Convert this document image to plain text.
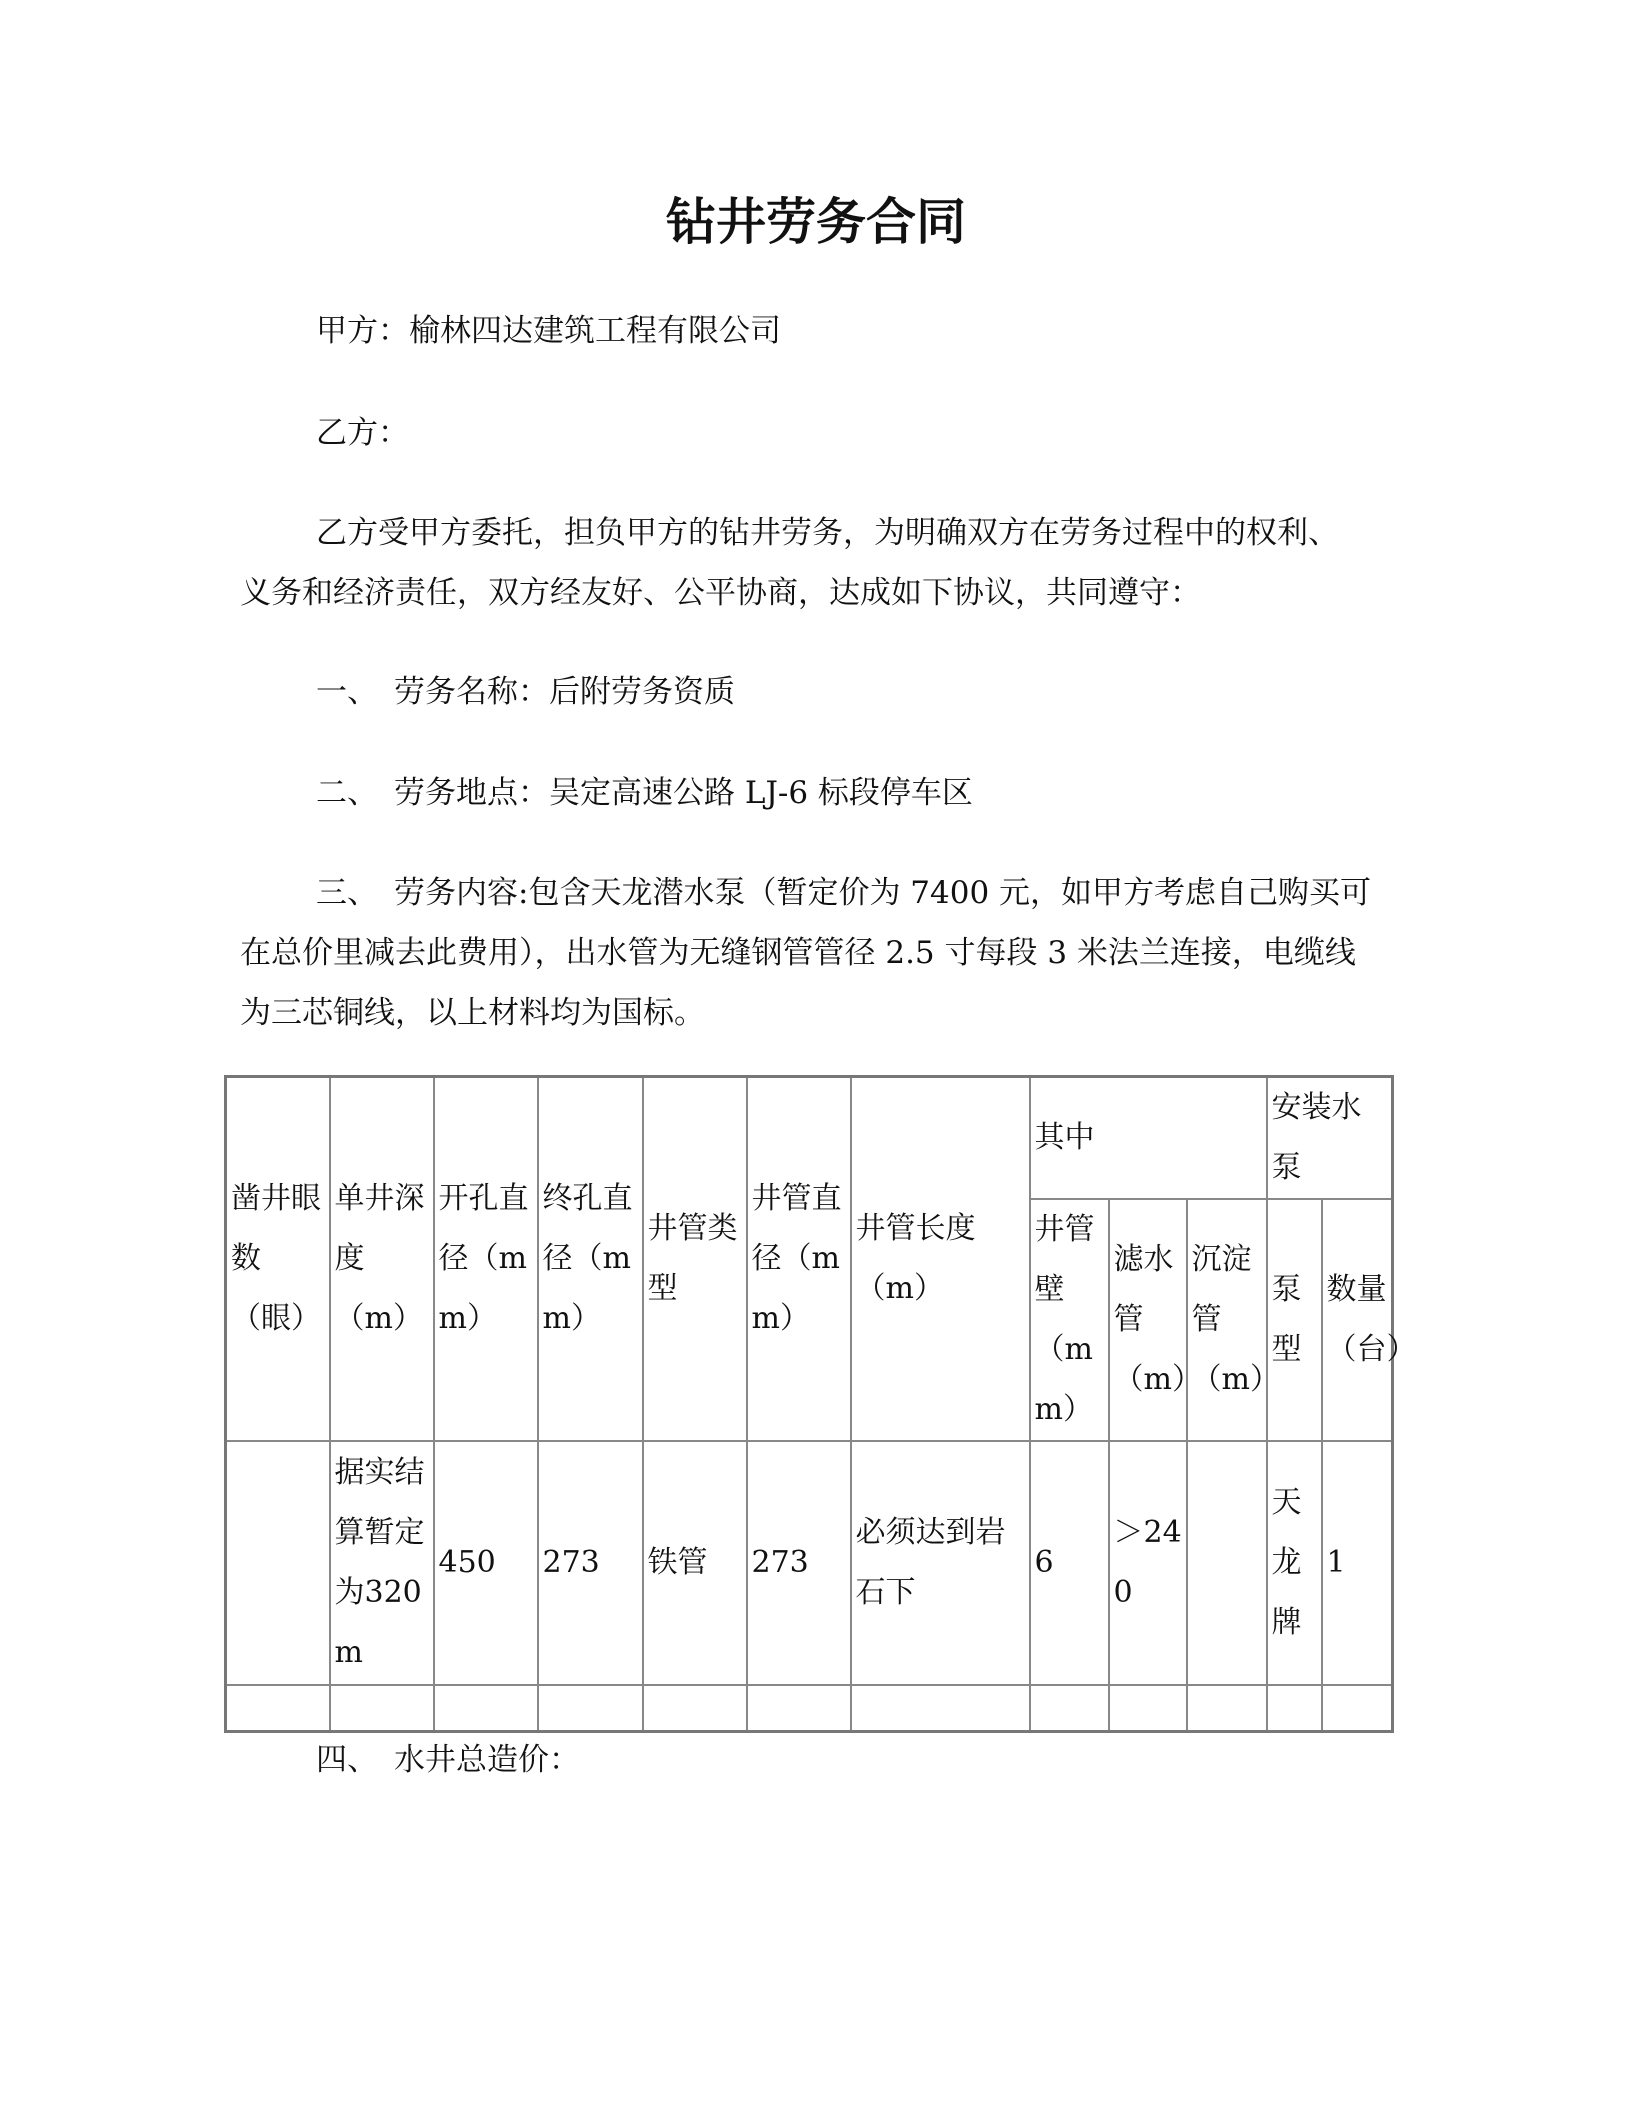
钻井劳务合同
甲方：榆林四达建筑工程有限公司
乙方：
乙方受甲方委托，担负甲方的钻井劳务，为明确双方在劳务过程中的权利、
义务和经济责任，双方经友好、公平协商，达成如下协议，共同遵守：
一、 劳务名称：后附劳务资质
二、 劳务地点：吴定高速公路 LJ-6 标段停车区
三、 劳务内容:包含天龙潜水泵（暂定价为 7400 元，如甲方考虑自己购买可
在总价里减去此费用），出水管为无缝钢管管径 2.5 寸每段 3 米法兰连接，电缆线
为三芯铜线，以上材料均为国标。
凿井眼数（眼）	单井深度（m）	开孔直径（mm）	终孔直径（mm）	井管类型	井管直径（mm）	井管长度（m）	其中			安装水泵	
							井管壁（mm）	滤水管（m）	沉淀管（m）	泵型	数量（台）
	据实结算暂定为320m	450	273	铁管	273	必须达到岩石下	6	＞240		天龙牌	1

四、 水井总造价：
